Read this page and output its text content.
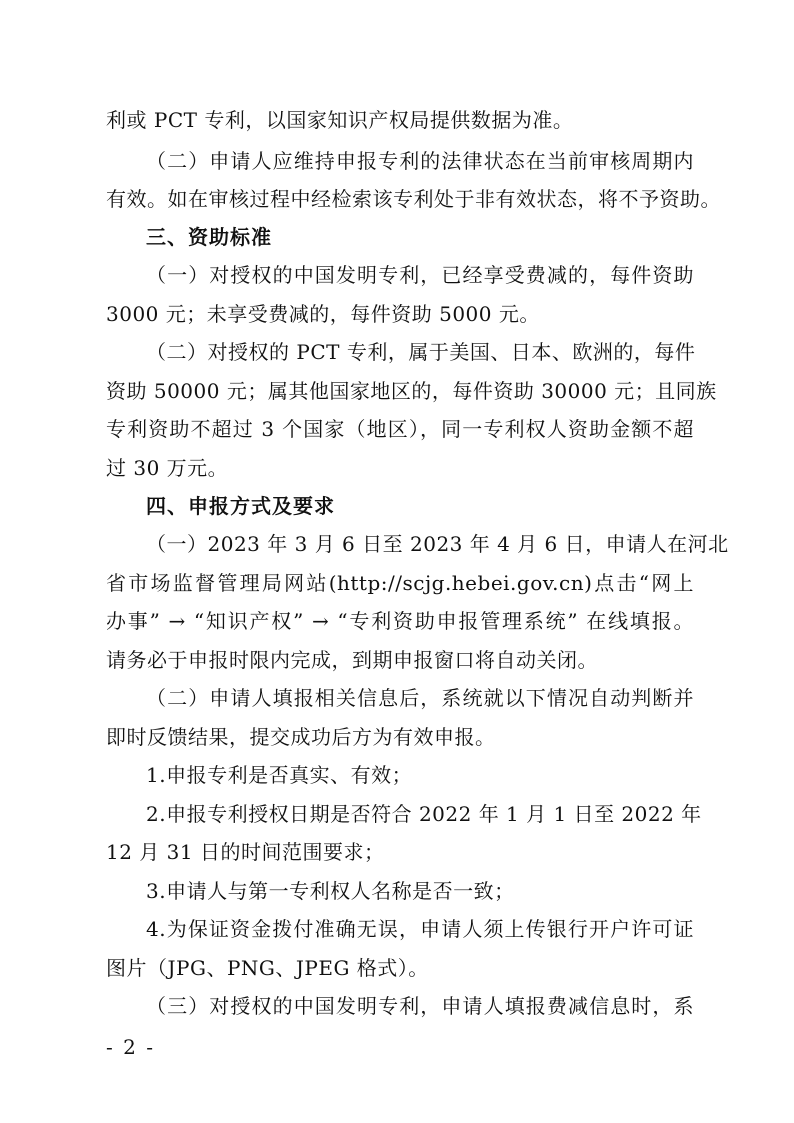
利或 PCT 专利，以国家知识产权局提供数据为准。
（二）申请人应维持申报专利的法律状态在当前审核周期内
有效。如在审核过程中经检索该专利处于非有效状态，将不予资助。
三、资助标准
（一）对授权的中国发明专利，已经享受费减的，每件资助
3000 元；未享受费减的，每件资助 5000 元。
（二）对授权的 PCT 专利，属于美国、日本、欧洲的，每件
资助 50000 元；属其他国家地区的，每件资助 30000 元；且同族
专利资助不超过 3 个国家（地区），同一专利权人资助金额不超
过 30 万元。
四、申报方式及要求
（一）2023 年 3 月 6 日至 2023 年 4 月 6 日，申请人在河北
省市场监督管理局网站(http://scjg.hebei.gov.cn)点击“网上
办事” → “知识产权” → “专利资助申报管理系统” 在线填报。
请务必于申报时限内完成，到期申报窗口将自动关闭。
（二）申请人填报相关信息后，系统就以下情况自动判断并
即时反馈结果，提交成功后方为有效申报。
1.申报专利是否真实、有效；
2.申报专利授权日期是否符合 2022 年 1 月 1 日至 2022 年
12 月 31 日的时间范围要求；
3.申请人与第一专利权人名称是否一致；
4.为保证资金拨付准确无误，申请人须上传银行开户许可证
图片（JPG、PNG、JPEG 格式）。
（三）对授权的中国发明专利，申请人填报费减信息时，系
- 2 -
